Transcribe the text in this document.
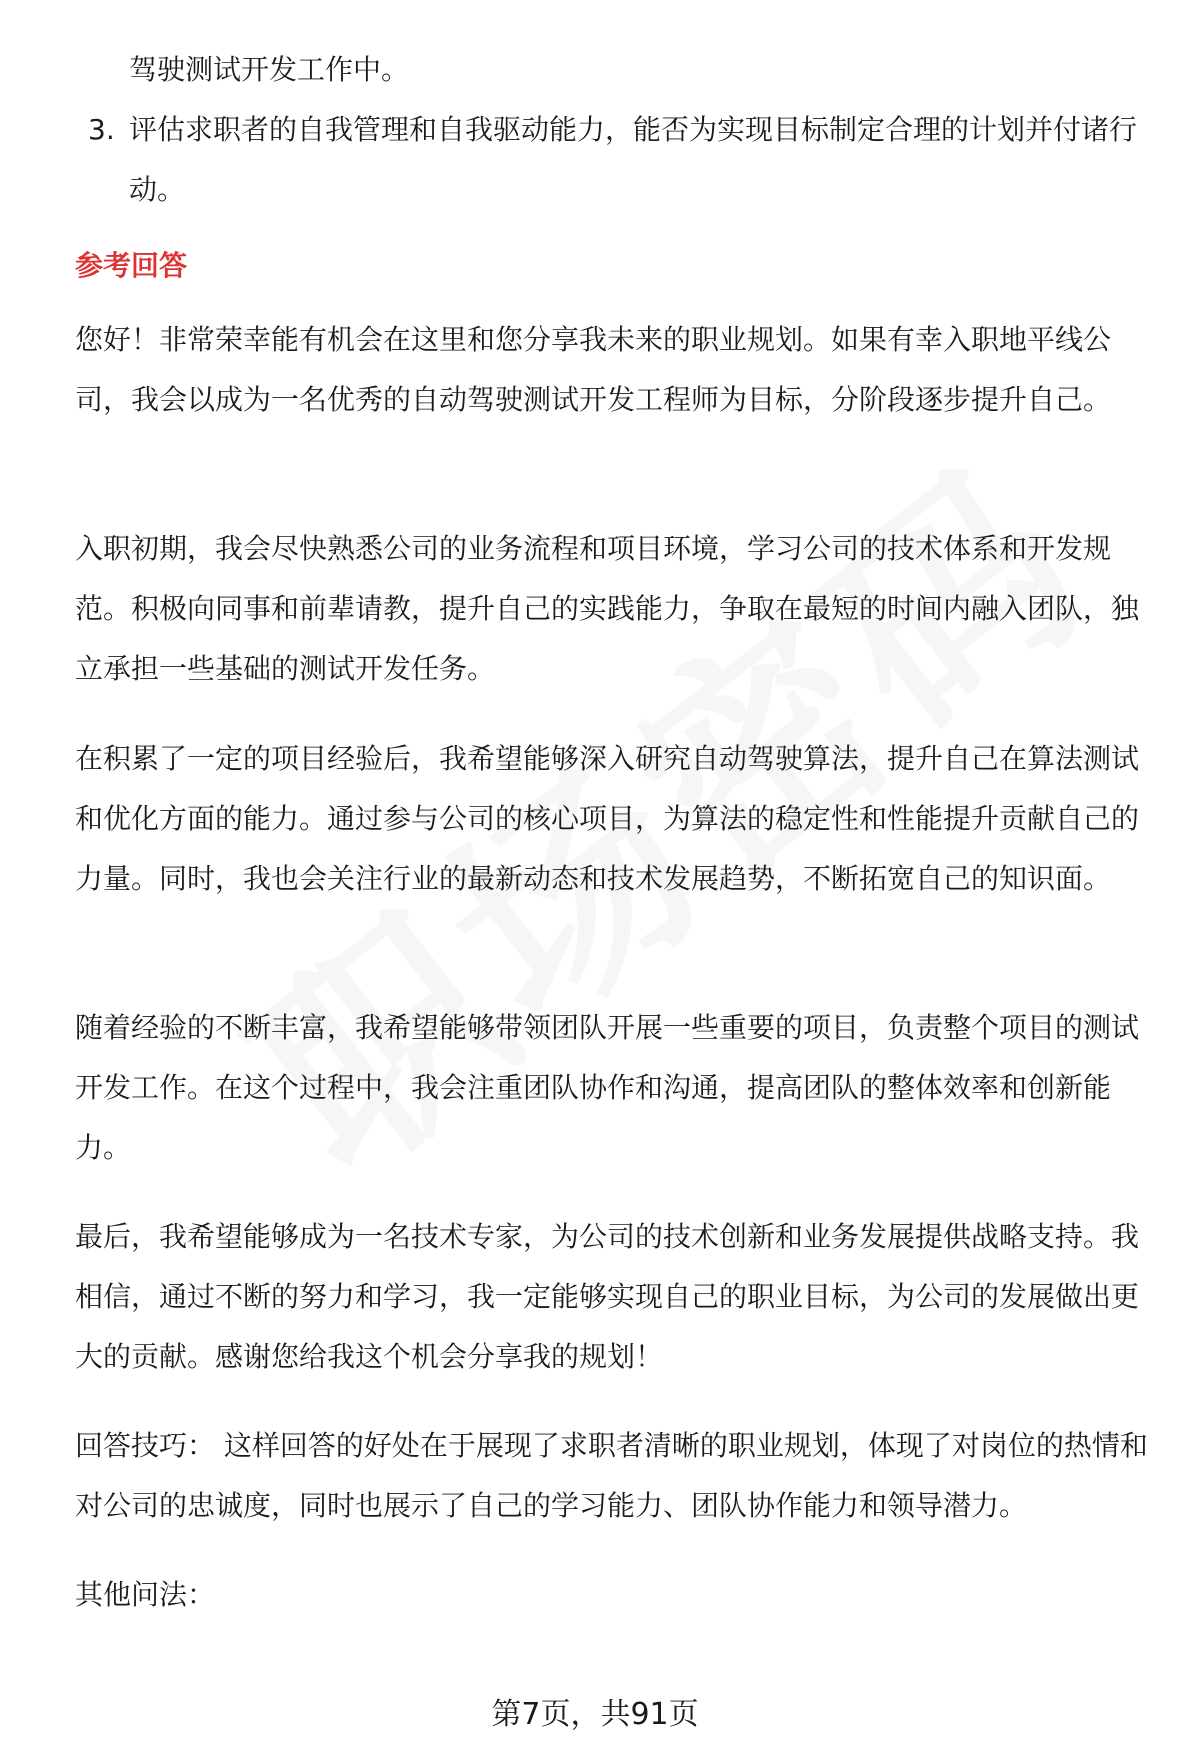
驾驶测试开发工作中。
3. 评估求职者的自我管理和自我驱动能力，能否为实现目标制定合理的计划并付诸行动。
参考回答

您好！非常荣幸能有机会在这里和您分享我未来的职业规划。如果有幸入职地平线公司，我会以成为一名优秀的自动驾驶测试开发工程师为目标，分阶段逐步提升自己。

入职初期，我会尽快熟悉公司的业务流程和项目环境，学习公司的技术体系和开发规范。积极向同事和前辈请教，提升自己的实践能力，争取在最短的时间内融入团队，独立承担一些基础的测试开发任务。

在积累了一定的项目经验后，我希望能够深入研究自动驾驶算法，提升自己在算法测试和优化方面的能力。通过参与公司的核心项目，为算法的稳定性和性能提升贡献自己的力量。同时，我也会关注行业的最新动态和技术发展趋势，不断拓宽自己的知识面。

随着经验的不断丰富，我希望能够带领团队开展一些重要的项目，负责整个项目的测试开发工作。在这个过程中，我会注重团队协作和沟通，提高团队的整体效率和创新能力。

最后，我希望能够成为一名技术专家，为公司的技术创新和业务发展提供战略支持。我相信，通过不断的努力和学习，我一定能够实现自己的职业目标，为公司的发展做出更大的贡献。感谢您给我这个机会分享我的规划！

回答技巧： 这样回答的好处在于展现了求职者清晰的职业规划，体现了对岗位的热情和对公司的忠诚度，同时也展示了自己的学习能力、团队协作能力和领导潜力。

其他问法：

第7页，共91页
